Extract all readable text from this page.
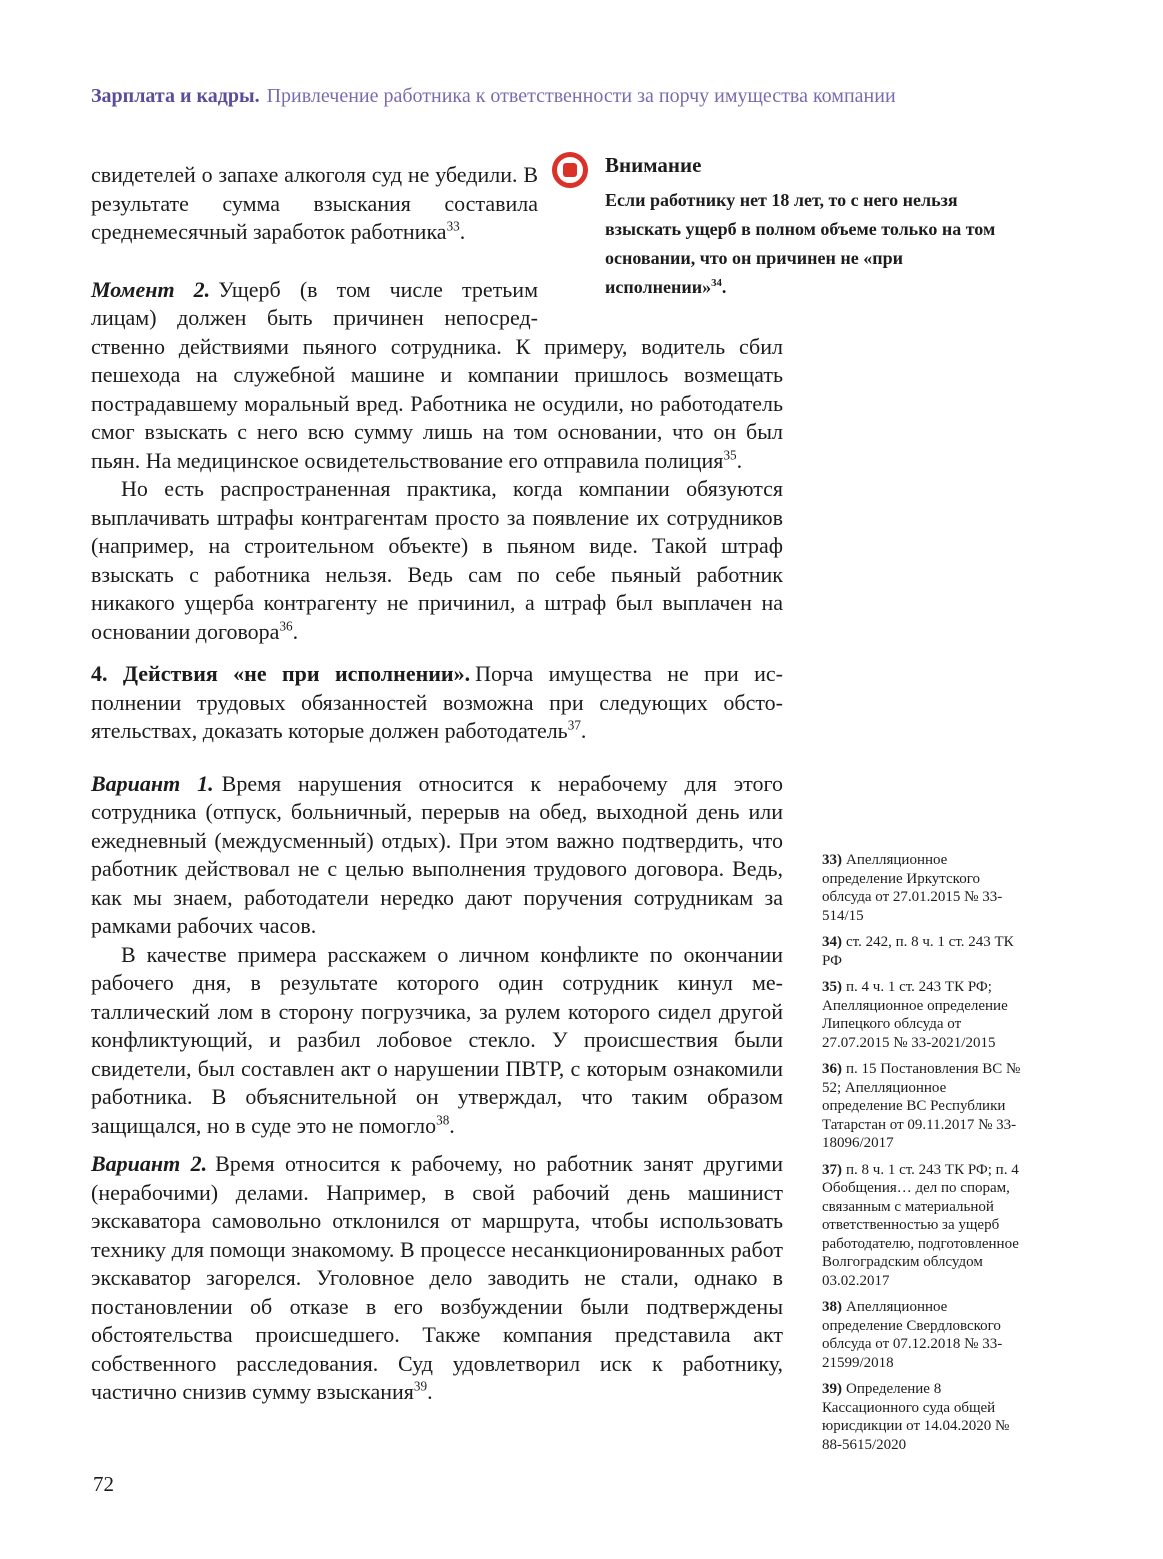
Зарплата и кадры. Привлечение работника к ответственности за порчу имущества компании
Внимание
Если работнику нет 18 лет, то с него нельзя взыскать ущерб в полном объеме только на том основании, что он причинен не «при исполнении»$^{34}$.

свидетелей о запахе алкоголя суд не убедили. В результате сумма взыскания составила среднемесячный заработок работника$^{33}$.

Момент 2. Ущерб (в том числе третьим лицам) должен быть причинен непосредственно действиями пьяного сотрудника. К примеру, водитель сбил пешехода на служебной машине и компании пришлось возмещать пострадавшему моральный вред. Работника не осудили, но работодатель смог взыскать с него всю сумму лишь на том основании, что он был пьян. На медицинское освидетельствование его отправила полиция$^{35}$.

Но есть распространенная практика, когда компании обязуются выплачивать штрафы контрагентам просто за появление их сотрудников (например, на строительном объекте) в пьяном виде. Такой штраф взыскать с работника нельзя. Ведь сам по себе пьяный работник никакого ущерба контрагенту не причинил, а штраф был выплачен на основании договора$^{36}$.

4. Действия «не при исполнении». Порча имущества не при исполнении трудовых обязанностей возможна при следующих обстоятельствах, доказать которые должен работодатель$^{37}$.

Вариант 1. Время нарушения относится к нерабочему для этого сотрудника (отпуск, больничный, перерыв на обед, выходной день или ежедневный (междусменный) отдых). При этом важно подтвердить, что работник действовал не с целью выполнения трудового договора. Ведь, как мы знаем, работодатели нередко дают поручения сотрудникам за рамками рабочих часов.

В качестве примера расскажем о личном конфликте по окончании рабочего дня, в результате которого один сотрудник кинул металлический лом в сторону погрузчика, за рулем которого сидел другой конфликтующий, и разбил лобовое стекло. У происшествия были свидетели, был составлен акт о нарушении ПВТР, с которым ознакомили работника. В объяснительной он утверждал, что таким образом защищался, но в суде это не помогло$^{38}$.

Вариант 2. Время относится к рабочему, но работник занят другими (нерабочими) делами. Например, в свой рабочий день машинист экскаватора самовольно отклонился от маршрута, чтобы использовать технику для помощи знакомому. В процессе несанкционированных работ экскаватор загорелся. Уголовное дело заводить не стали, однако в постановлении об отказе в его возбуждении были подтверждены обстоятельства происшедшего. Также компания представила акт собственного расследования. Суд удовлетворил иск к работнику, частично снизив сумму взыскания$^{39}$.

33) Апелляционное определение Иркутского облсуда от 27.01.2015 № 33-514/15
34) ст. 242, п. 8 ч. 1 ст. 243 ТК РФ
35) п. 4 ч. 1 ст. 243 ТК РФ; Апелляционное определение Липецкого облсуда от 27.07.2015 № 33-2021/2015
36) п. 15 Постановления ВС № 52; Апелляционное определение ВС Республики Татарстан от 09.11.2017 № 33-18096/2017
37) п. 8 ч. 1 ст. 243 ТК РФ; п. 4 Обобщения… дел по спорам, связанным с материальной ответственностью за ущерб работодателю, подготовленное Волгоградским облсудом 03.02.2017
38) Апелляционное определение Свердловского облсуда от 07.12.2018 № 33-21599/2018
39) Определение 8 Кассационного суда общей юрисдикции от 14.04.2020 № 88-5615/2020
72
